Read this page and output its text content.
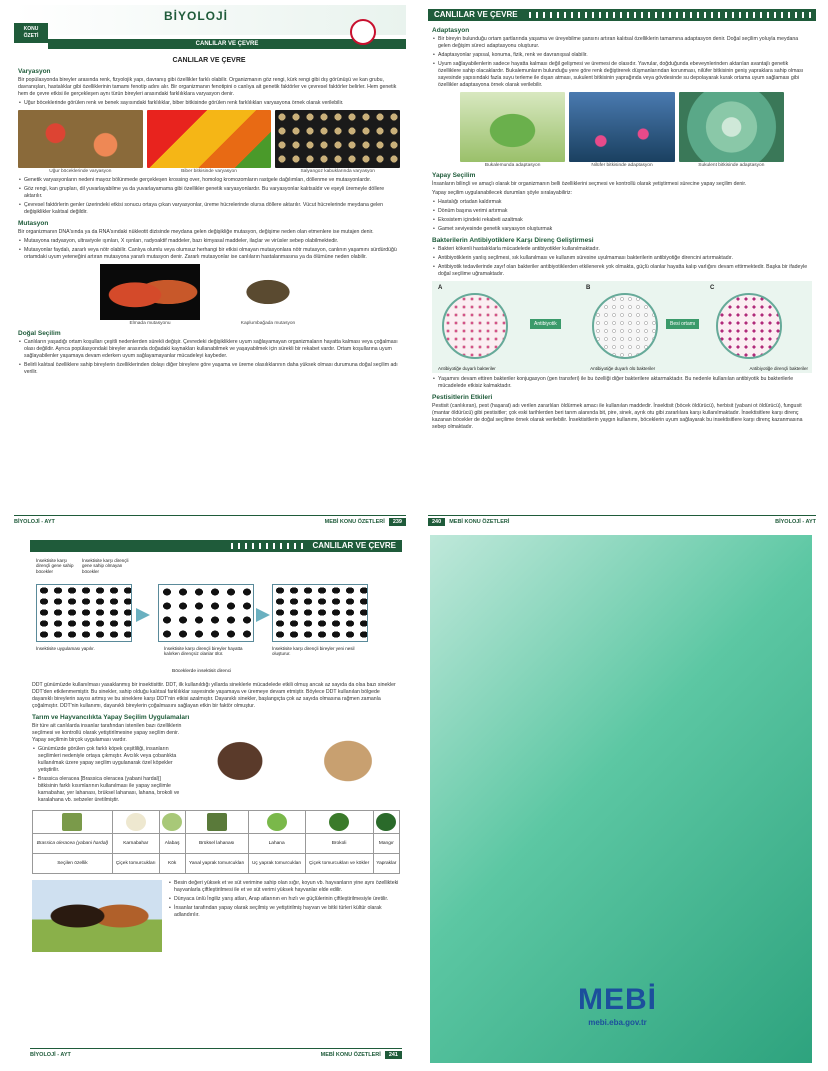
BİYOLOJİ
KONU
ÖZETİ
CANLILAR VE ÇEVRE
CANLILAR VE ÇEVRE
Varyasyon
Bir popülasyonda bireyler arasında renk, fizyolojik yapı, davranış gibi özellikler farklı olabilir. Organizmanın göz rengi, kürk rengi gibi dış görünüşü ve kan grubu, davranışları, hastalıklar gibi özelliklerinin tamamı fenotip adını alır. Bir organizmanın fenotipini o canlıya ait genetik faktörler ve çevresel faktörler belirler. Hem genetik hem de çevre etkisi ile gerçekleşen aynı türün bireyleri arasındaki farklılıklara varyasyon denir.
• Uğur böceklerinde görülen renk ve benek sayısındaki farklılıklar, biber bitkisinde görülen renk farklılıkları varyasyona örnek olarak verilebilir.
Uğur böceklerinde varyasyon	Biber bitkisinde varyasyon	Salyangoz kabuklarında varyasyon
• Genetik varyasyonların nedeni mayoz bölünmede gerçekleşen krossing over, homolog kromozomların rastgele dağılımları, döllenme ve mutasyonlardır.
• Göz rengi, kan grupları, dil yuvarlayabilme ya da yuvarlayamama gibi özellikler genetik varyasyonlardır. Bu varyasyonlar kalıtsaldır ve eşeyli üremeyle döllere aktarılır.
• Çevresel faktörlerin genler üzerindeki etkisi sonucu ortaya çıkan varyasyonlar, üreme hücrelerinde olursa döllere aktarılır. Vücut hücrelerinde meydana gelen değişiklikler kalıtsal değildir.
Mutasyon
Bir organizmanın DNA'sında ya da RNA'sındaki nükleotit dizisinde meydana gelen değişikliğe mutasyon, değişime neden olan etmenlere ise mutajen denir.
• Mutasyona radyasyon, ultraviyole ışınları, X ışınları, radyoaktif maddeler, bazı kimyasal maddeler, ilaçlar ve virüsler sebep olabilmektedir.
• Mutasyonlar faydalı, zararlı veya nötr olabilir. Canlıya olumlu veya olumsuz herhangi bir etkisi olmayan mutasyonlara nötr mutasyon, canlının yaşamını sürdürdüğü ortamdaki uyum yeteneğini artıran mutasyona yararlı mutasyon denir. Zararlı mutasyonlar ise canlıların hastalanmasına ya da ölümüne neden olabilir.
Elmada mutasyonu	Kaplumbağada mutasyon
Doğal Seçilim
• Canlıların yaşadığı ortam koşulları çeşitli nedenlerden sürekli değişir. Çevredeki değişikliklere uyum sağlayamayan organizmaların hayatta kalması veya çoğalması olası değildir. Ayrıca popülasyondaki bireyler arasında doğadaki kaynakları kullanabilmek ve yaşayabilmek için sürekli bir rekabet vardır. Ortam koşullarına uyum sağlayabilenler yaşamaya devam ederken uyum sağlayamayanlar mücadeleyi kaybeder.
• Belirli kalıtsal özelliklere sahip bireylerin özelliklerinden dolayı diğer bireylere göre yaşama ve üreme olasılıklarının daha yüksek olması durumuna doğal seçilim adı verilir.
BİYOLOJİ - AYT	MEBİ KONU ÖZETLERİ	239
CANLILAR VE ÇEVRE
Adaptasyon
• Bir bireyin bulunduğu ortam şartlarında yaşama ve üreyebilme şansını artıran kalıtsal özelliklerin tamamına adaptasyon denir. Doğal seçilim yoluyla meydana gelen değişim süreci adaptasyonu oluşturur.
• Adaptasyonlar yapısal, konuma, fizik, renk ve davranışsal olabilir.
• Uyum sağlayabilenlerin sadece hayatta kalması değil gelişmesi ve üremesi de olasıdır. Yavrular, doğduğunda ebeveynlerinden aktarılan avantajlı genetik özelliklere sahip olacaklardır. Bukalemunların bulunduğu yere göre renk değiştirerek düşmanlarından korunması, nilüfer bitkisinin geniş yapraklara sahip olması sayesinde yapısındaki fazla suyu terleme ile dışarı atması, sukulent bitkisinin yaprağında veya gövdesinde su depolayarak kurak ortama uyum sağlaması gibi özellikler adaptasyona örnek olarak verilebilir.
Bukalemunda adaptasyon	Nilüfer bitkisinde adaptasyon	Sukulent bitkisinde adaptasyon
Yapay Seçilim
İnsanların bilinçli ve amaçlı olarak bir organizmanın belli özelliklerini seçmesi ve kontrollü olarak yetiştirmesi sürecine yapay seçilim denir.
Yapay seçilim uygulanabilecek durumları şöyle sıralayabiliriz:
• Hastalığı ortadan kaldırmak
• Dönüm başına verimi artırmak
• Ekosistem içindeki rekabeti azaltmak
• Gamet seviyesinde genetik varyasyon oluşturmak
Bakterilerin Antibiyotiklere Karşı Direnç Geliştirmesi
• Bakteri kökenli hastalıklarla mücadelede antibiyotikler kullanılmaktadır.
• Antibiyotiklerin yanlış seçilmesi, sık kullanılması ve kullanım süresine uyulmaması bakterilerin antibiyotiğe direncini artırmaktadır.
• Antibiyotik tedavilerinde zayıf olan bakteriler antibiyotiklerden etkilenerek yok olmakta, güçlü olanlar hayatta kalıp varlığını devam ettirmektedir. Başka bir ifadeyle doğal seçilime uğramaktadır.
A	B	C
Antibiyotik	Besi ortamı
Antibiyotiğe duyarlı bakteriler	Antibiyotiğe duyarlı ölü bakteriler	Antibiyotiğe dirençli bakteriler
• Yaşamını devam ettiren bakteriler konjugasyon (gen transferi) ile bu özelliği diğer bakterilere aktarmaktadır. Bu nedenle kullanılan antibiyotik bu bakterilerle mücadelede etkisiz kalmaktadır.
Pestisitlerin Etkileri
Pestisit (canlıkıran), pest (haşarat) adı verilen zararlıları öldürmek amacı ile kullanılan maddedir. İnsektisit (böcek öldürücü), herbisit (yabani ot öldürücü), fungusit (mantar öldürücü) gibi pestisitler; çok eski tarihlerden beri tarım alanında bit, pire, sinek, ayrık otu gibi zararlılara karşı kullanılmaktadır. İnsektisitlere karşı direnç kazanan böcekler de doğal seçilime örnek olarak verilebilir. İnsektisitlerin yaygın kullanımı, böceklerin uyum sağlayarak bu insektisitlere karşı direnç kazanmasına sebep olmaktadır.
240	MEBİ KONU ÖZETLERİ	BİYOLOJİ - AYT
CANLILAR VE ÇEVRE
İnsektisite karşı dirençli gene sahip böcekler
İnsektisite karşı dirençli gene sahip olmayan böcekler
İnsektisite uygulaması yapılır.	İnsektisite karşı dirençli bireyler hayatta kalırken dirençsiz olanlar ölür.
İnsektisite karşı dirençli bireyler yeni nesil oluşturur.
Böceklerde insektisit direnci
DDT günümüzde kullanılması yasaklanmış bir insektisittir. DDT, ilk kullanıldığı yıllarda sineklerle mücadelede etkili olmuş ancak az sayıda da olsa bazı sinekler DDT'den etkilenmemiştir. Bu sinekler, sahip olduğu kalıtsal farklılıklar sayesinde yaşamaya ve üremeye devam etmiştir. Böylece DDT kullanılan bölgede dayanıklı bireylerin sayısı artmış ve bu sineklere karşı DDT'nin etkisi azalmıştır. Dayanıklı sinekler, başlangıçta çok az sayıda olmasına rağmen zamanla çoğalmıştır. DDT'nin kullanımı, dayanıklı bireylerin çoğalmasını sağlayan etkin bir faktör olmuştur.
Tarım ve Hayvancılıkta Yapay Seçilim Uygulamaları
Bir türe ait canlılarda insanlar tarafından istenilen bazı özelliklerin seçilmesi ve kontrollü olarak yetiştirilmesine yapay seçilim denir. Yapay seçilimin birçok uygulaması vardır.
• Günümüzde görülen çok farklı köpek çeşitliliği, insanların seçilimleri nedeniyle ortaya çıkmıştır. Avcılık veya çobanlıkta kullanılmak üzere yapay seçilim uygulanarak özel köpekler yetiştirilir.
• Brassica oleracea [Brassica oleracea (yabani hardal)] bitkisinin farklı kısımlarının kullanılması ile yapay seçilimle karnabahar, yer lahanası, brüksel lahanası, lahana, brokoli ve karalahana vb. sebzeler üretilmiştir.

Brassica oleracea (yabani hardal)	Karnabahar	Alabaş	Brüksel lahanası	Lahana	Brokoli	Mangır
Seçilen özellik	Çiçek tomurcukları	Kök	Yanal yaprak tomurcukları	Uç yaprak tomurcukları	Çiçek tomurcukları ve kökler	Yapraklar
• Besin değeri yüksek et ve süt verimine sahip olan sığır, koyun vb. hayvanların yine aynı özellikteki hayvanlarla çiftleştirilmesi ile et ve süt verimi yüksek hayvanlar elde edilir.
• Dünyaca ünlü İngiliz yarış atları, Arap atlarının en hızlı ve güçlülerinin çiftleştirilmesiyle üretilir.
• İnsanlar tarafından yapay olarak seçilmiş ve yetiştirilmiş hayvan ve bitki türleri kültür olarak adlandırılır.
BİYOLOJİ - AYT	MEBİ KONU ÖZETLERİ	241
MEBİ
mebi.eba.gov.tr
